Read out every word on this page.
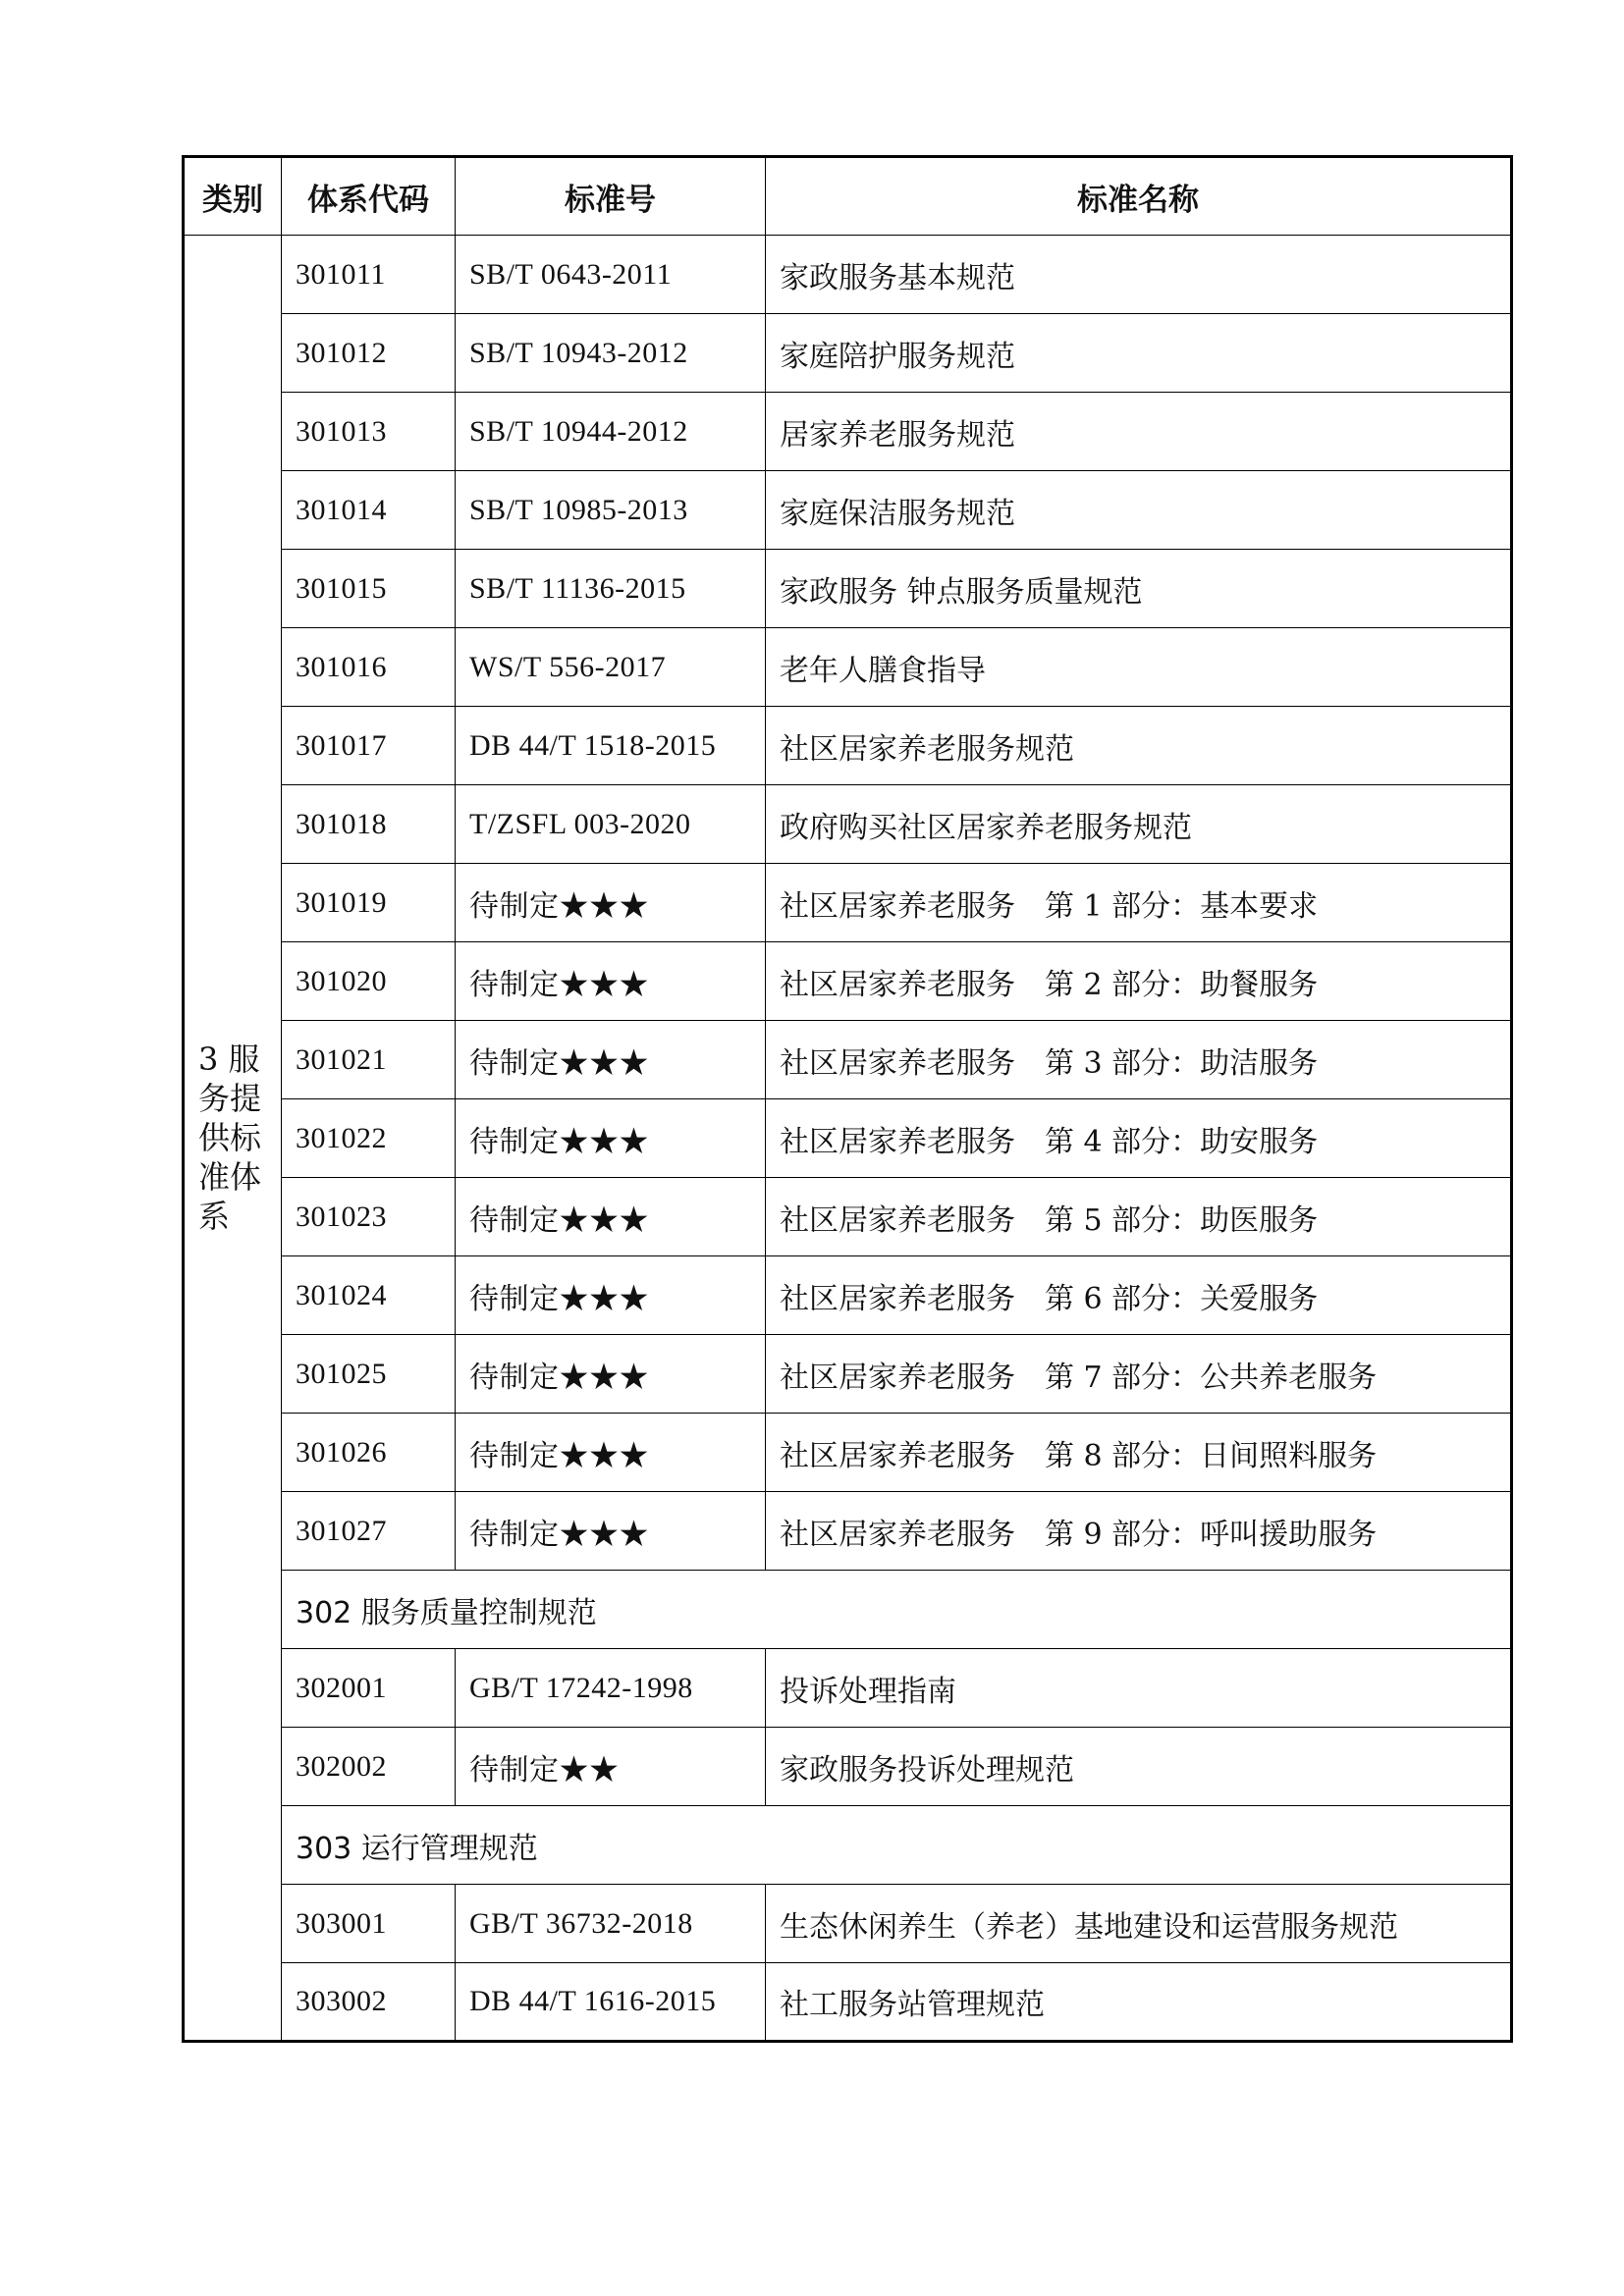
类别	体系代码	标准号	标准名称
3 服务提供标准体系	301011	SB/T 0643-2011	家政服务基本规范
	301012	SB/T 10943-2012	家庭陪护服务规范
	301013	SB/T 10944-2012	居家养老服务规范
	301014	SB/T 10985-2013	家庭保洁服务规范
	301015	SB/T 11136-2015	家政服务 钟点服务质量规范
	301016	WS/T 556-2017	老年人膳食指导
	301017	DB 44/T 1518-2015	社区居家养老服务规范
	301018	T/ZSFL 003-2020	政府购买社区居家养老服务规范
	301019	待制定★★★	社区居家养老服务　第 1 部分：基本要求
	301020	待制定★★★	社区居家养老服务　第 2 部分：助餐服务
	301021	待制定★★★	社区居家养老服务　第 3 部分：助洁服务
	301022	待制定★★★	社区居家养老服务　第 4 部分：助安服务
	301023	待制定★★★	社区居家养老服务　第 5 部分：助医服务
	301024	待制定★★★	社区居家养老服务　第 6 部分：关爱服务
	301025	待制定★★★	社区居家养老服务　第 7 部分：公共养老服务
	301026	待制定★★★	社区居家养老服务　第 8 部分：日间照料服务
	301027	待制定★★★	社区居家养老服务　第 9 部分：呼叫援助服务
	302 服务质量控制规范		
	302001	GB/T 17242-1998	投诉处理指南
	302002	待制定★★	家政服务投诉处理规范
	303 运行管理规范		
	303001	GB/T 36732-2018	生态休闲养生（养老）基地建设和运营服务规范
	303002	DB 44/T 1616-2015	社工服务站管理规范
